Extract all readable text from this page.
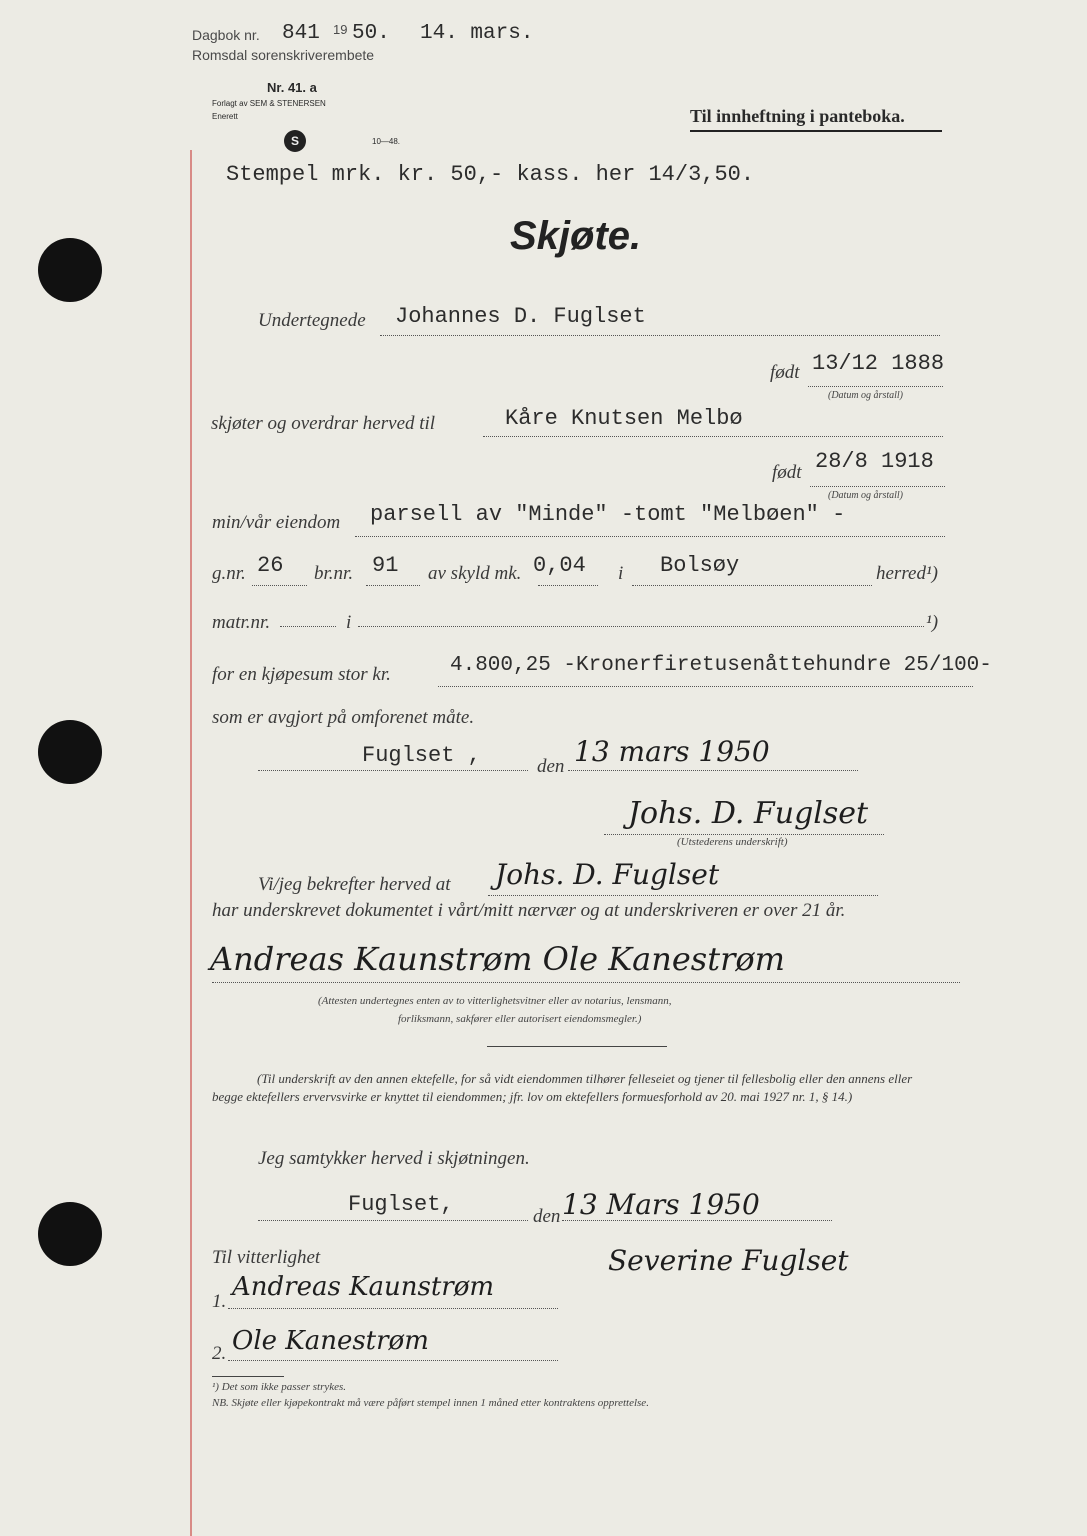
Dagbok nr. 841 19 50. 14. mars.
Romsdal sorenskriverembete
Nr. 41. a
Forlagt av SEM & STENERSEN
Enerett
S	10—48.
Til innheftning i panteboka.
Stempel mrk. kr. 50,- kass. her 14/3,50.
Skjøte.
Undertegnede Johannes D. Fuglset
født 13/12 1888
(Datum og årstall)
skjøter og overdrar herved til	Kåre Knutsen Melbø
født 28/8 1918
(Datum og årstall)
min/vår eiendom parsell av "Minde" -tomt "Melbøen" -
g.nr. 26 br.nr. 91 av skyld mk. 0,04 i Bolsøy	herred¹)
matr.nr.	i	¹)
for en kjøpesum stor kr.	4.800,25 -Kronerfiretusenåttehundre 25/100-
som er avgjort på omforenet måte.
Fuglset ,	den 13 mars 1950
Johs. D. Fuglset
(Utstederens underskrift)
Vi/jeg bekrefter herved at Johs. D. Fuglset
har underskrevet dokumentet i vårt/mitt nærvær og at underskriveren er over 21 år.
Andreas Kaunstrøm Ole Kanestrøm
(Attesten undertegnes enten av to vitterlighetsvitner eller av notarius, lensmann,
forliksmann, sakfører eller autorisert eiendomsmegler.)
(Til underskrift av den annen ektefelle, for så vidt eiendommen tilhører felleseiet og tjener til fellesbolig eller den annens eller begge ektefellers ervervsvirke er knyttet til eiendommen; jfr. lov om ektefellers formuesforhold av 20. mai 1927 nr. 1, § 14.)
Jeg samtykker herved i skjøtningen.
Fuglset,	den 13 Mars 1950
Til vitterlighet	Severine Fuglset
1. Andreas Kaunstrøm
2. Ole Kanestrøm
¹) Det som ikke passer strykes.
NB. Skjøte eller kjøpekontrakt må være påført stempel innen 1 måned etter kontraktens opprettelse.
